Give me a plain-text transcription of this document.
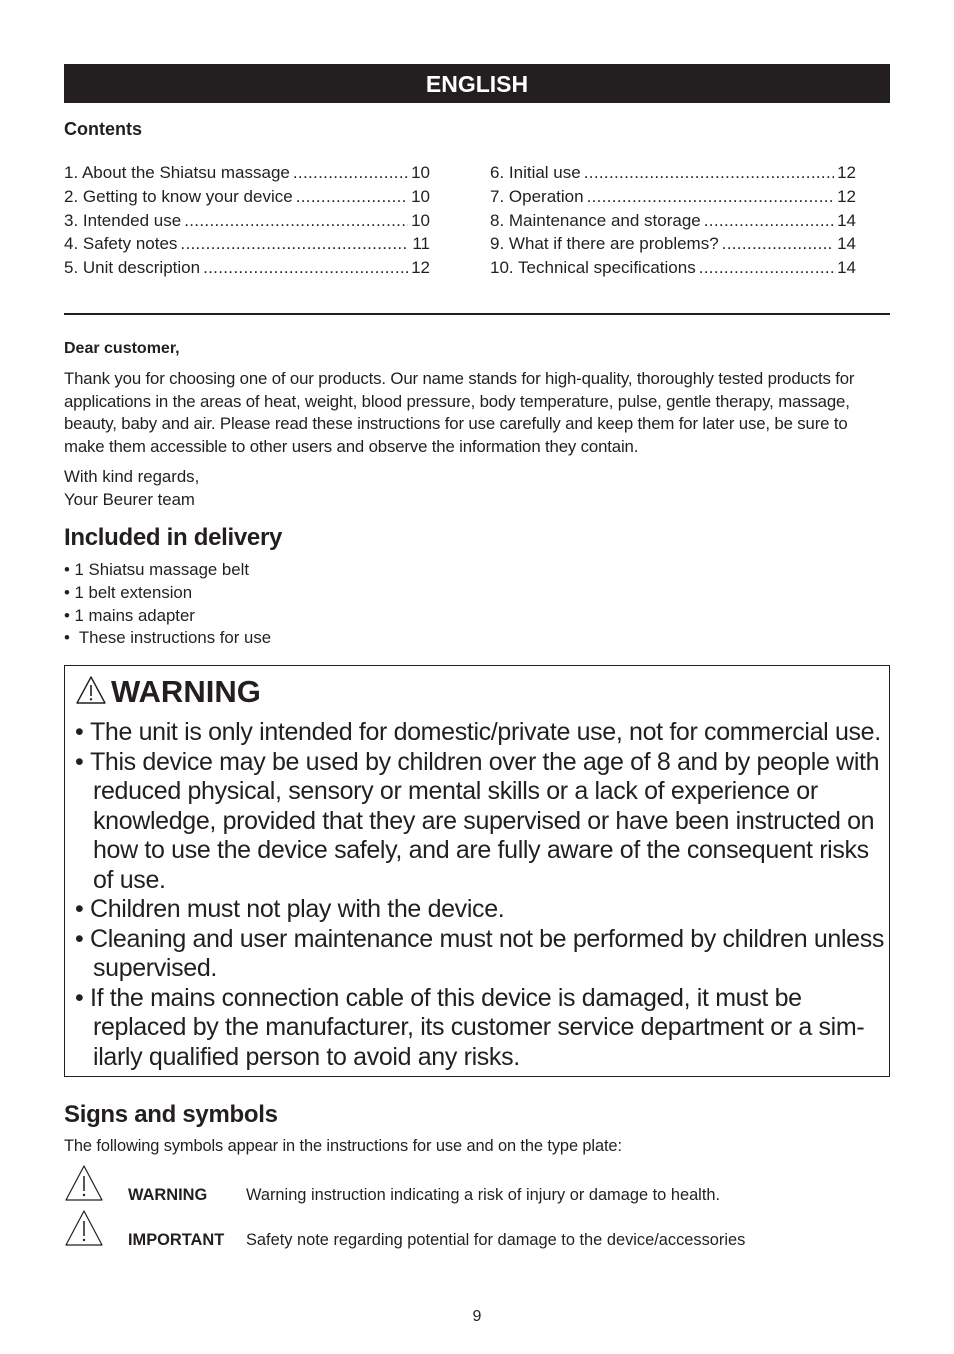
ENGLISH
Contents
1. About the Shiatsu massage . . .	10
2. Getting to know your device . . .	10
3. Intended use . . .	10
4. Safety notes . . .	11
5. Unit description . . .	12
6. Initial use . . .	12
7. Operation . . .	12
8. Maintenance and storage . . .	14
9. What if there are problems? . . .	14
10. Technical specifications . . .	14
Dear customer,
Thank you for choosing one of our products. Our name stands for high-quality, thoroughly tested products for applications in the areas of heat, weight, blood pressure, body temperature, pulse, gentle therapy, massage, beauty, baby and air. Please read these instructions for use carefully and keep them for later use, be sure to make them accessible to other users and observe the information they contain.
With kind regards,
Your Beurer team
Included in delivery
• 1 Shiatsu massage belt
• 1 belt extension
• 1 mains adapter
•  These instructions for use
WARNING
• The unit is only intended for domestic/private use, not for commercial use.
• This device may be used by children over the age of 8 and by people with reduced physical, sensory or mental skills or a lack of experience or knowledge, provided that they are supervised or have been instructed on how to use the device safely, and are fully aware of the consequent risks of use.
• Children must not play with the device.
• Cleaning and user maintenance must not be performed by children unless supervised.
• If the mains connection cable of this device is damaged, it must be replaced by the manufacturer, its customer service department or a similarly qualified person to avoid any risks.
Signs and symbols
The following symbols appear in the instructions for use and on the type plate:
WARNING Warning instruction indicating a risk of injury or damage to health.
IMPORTANT Safety note regarding potential for damage to the device/accessories
9
